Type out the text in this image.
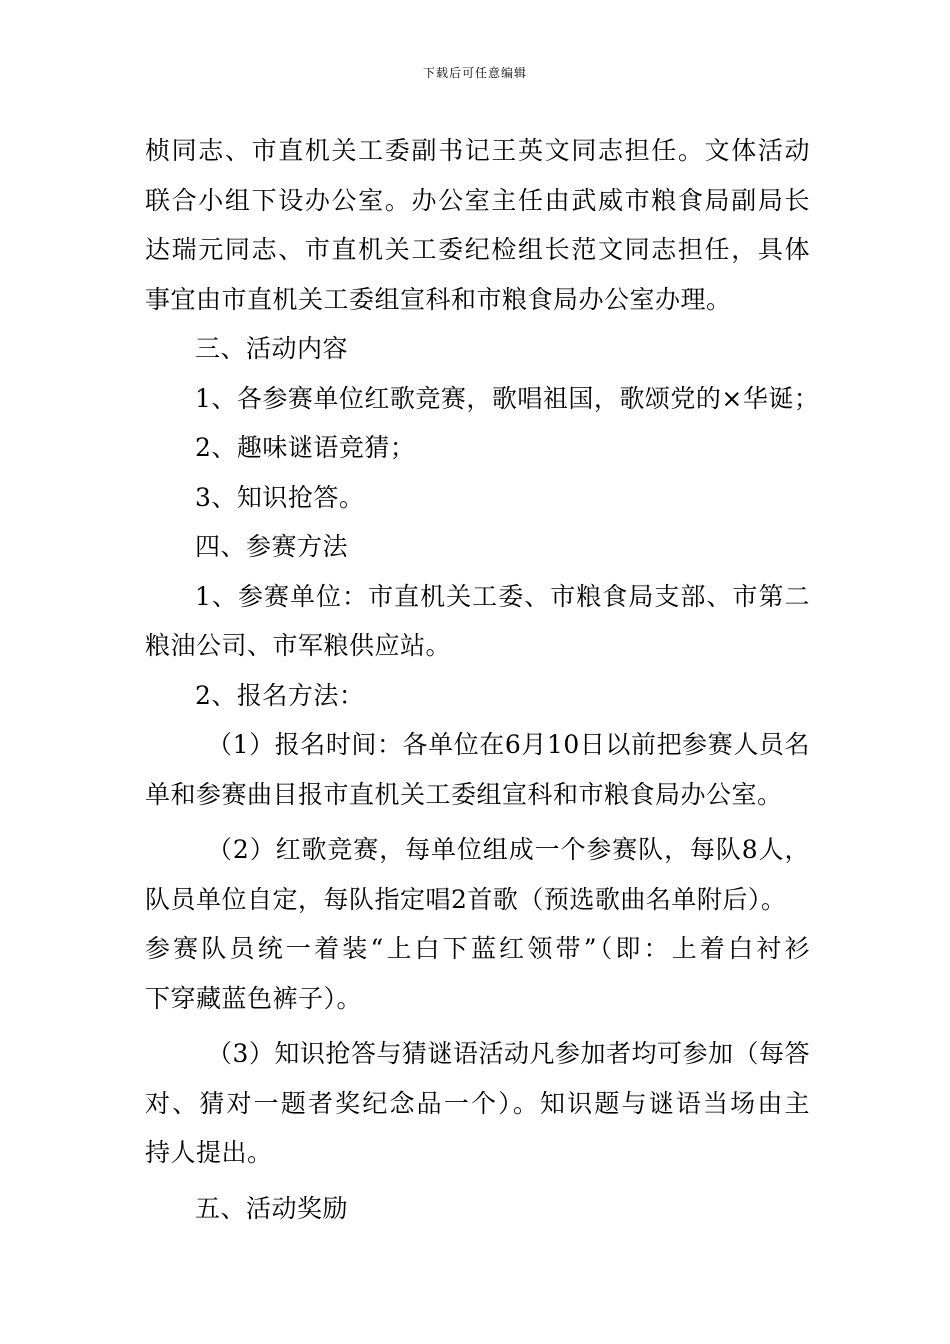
下载后可任意编辑
桢同志、市直机关工委副书记王英文同志担任。文体活动
联合小组下设办公室。办公室主任由武威市粮食局副局长
达瑞元同志、市直机关工委纪检组长范文同志担任，具体
事宜由市直机关工委组宣科和市粮食局办公室办理。
三、活动内容
1、各参赛单位红歌竞赛，歌唱祖国，歌颂党的×华诞；
2、趣味谜语竞猜；
3、知识抢答。
四、参赛方法
1、参赛单位：市直机关工委、市粮食局支部、市第二
粮油公司、市军粮供应站。
2、报名方法：
（1）报名时间：各单位在6月10日以前把参赛人员名
单和参赛曲目报市直机关工委组宣科和市粮食局办公室。
（2）红歌竞赛，每单位组成一个参赛队，每队8人，
队员单位自定，每队指定唱2首歌（预选歌曲名单附后）。
参赛队员统一着装“上白下蓝红领带”（即：上着白衬衫
下穿藏蓝色裤子）。
（3）知识抢答与猜谜语活动凡参加者均可参加（每答
对、猜对一题者奖纪念品一个）。知识题与谜语当场由主
持人提出。
五、活动奖励
